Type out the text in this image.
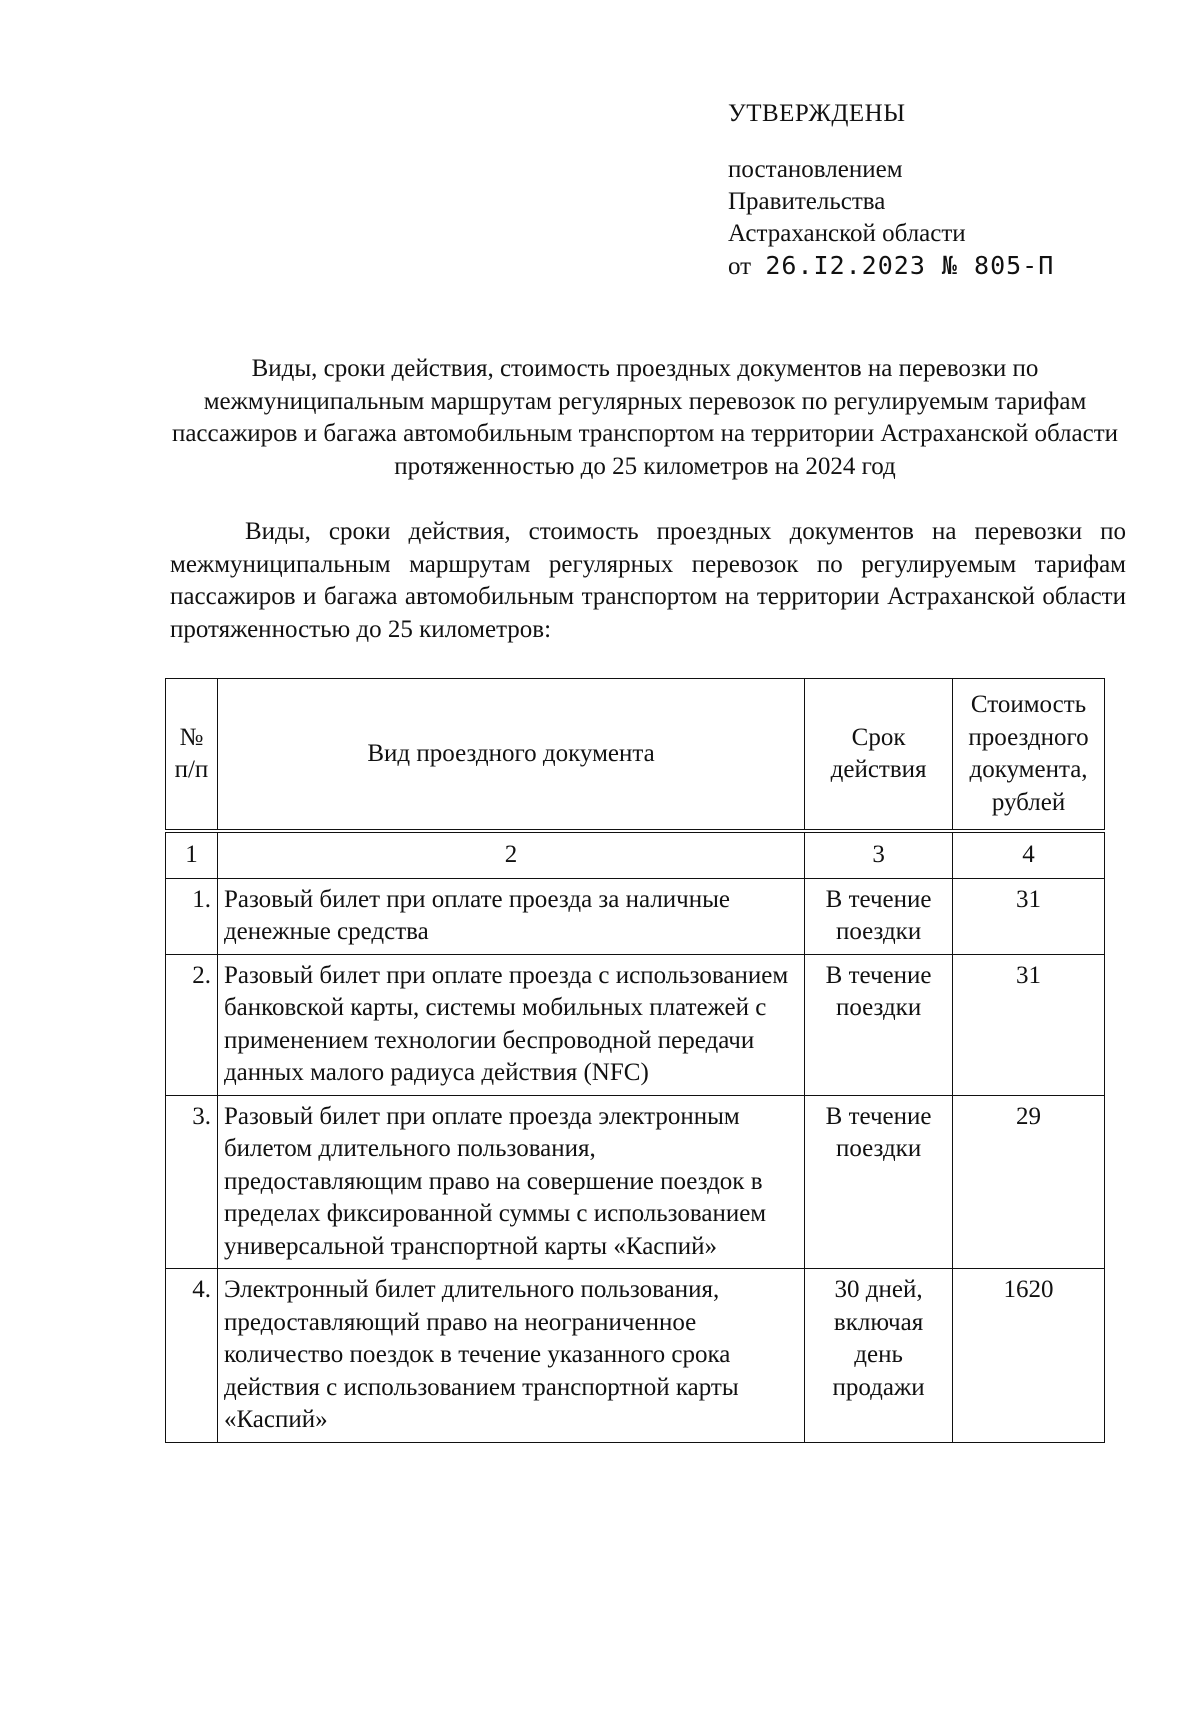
УТВЕРЖДЕНЫ
постановлением
Правительства
Астраханской области
от 26.I2.2023 № 805-П
Виды, сроки действия, стоимость проездных документов на перевозки по межмуниципальным маршрутам регулярных перевозок по регулируемым тарифам пассажиров и багажа автомобильным транспортом на территории Астраханской области протяженностью до 25 километров на 2024 год
Виды, сроки действия, стоимость проездных документов на перевозки по межмуниципальным маршрутам регулярных перевозок по регулируемым тарифам пассажиров и багажа автомобильным транспортом на территории Астраханской области протяженностью до 25 километров:
№ п/п	Вид проездного документа	Срок действия	Стоимость проездного документа, рублей
1	2	3	4
1.	Разовый билет при оплате проезда за наличные денежные средства	В течение поездки	31
2.	Разовый билет при оплате проезда с использованием банковской карты, системы мобильных платежей с применением технологии беспроводной передачи данных малого радиуса действия (NFC)	В течение поездки	31
3.	Разовый билет при оплате проезда электронным билетом длительного пользования, предоставляющим право на совершение поездок в пределах фиксированной суммы с использованием универсальной транспортной карты «Каспий»	В течение поездки	29
4.	Электронный билет длительного пользования, предоставляющий право на неограниченное количество поездок в течение указанного срока действия с использованием транспортной карты «Каспий»	30 дней, включая день продажи	1620
